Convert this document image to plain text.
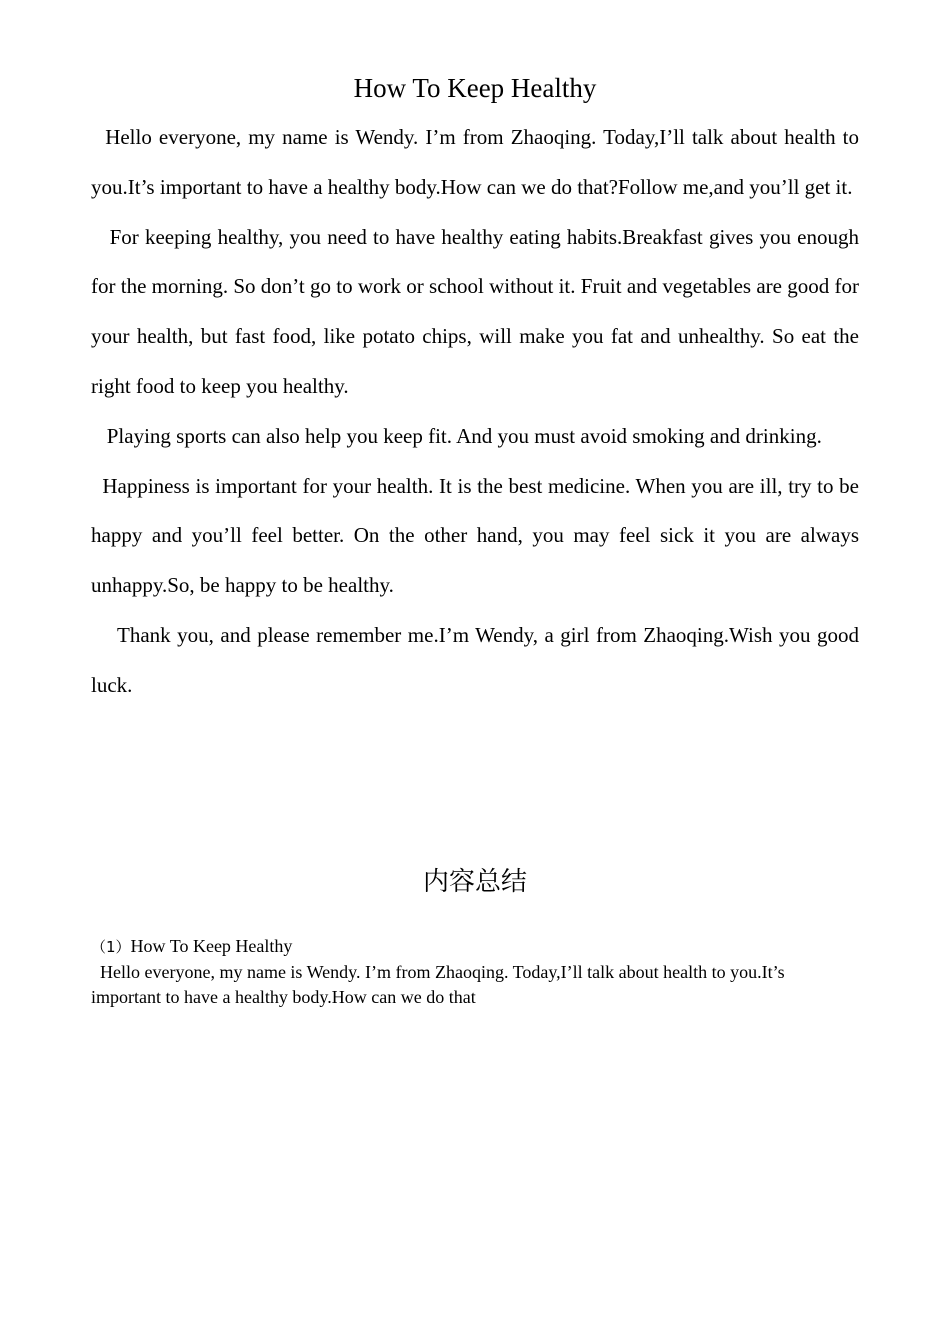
How To Keep Healthy

Hello everyone, my name is Wendy. I’m from Zhaoqing. Today,I’ll talk about health to you.It’s important to have a healthy body.How can we do that?Follow me,and you’ll get it.

For keeping healthy, you need to have healthy eating habits.Breakfast gives you enough for the morning. So don’t go to work or school without it. Fruit and vegetables are good for your health, but fast food, like potato chips, will make you fat and unhealthy. So eat the right food to keep you healthy.

Playing sports can also help you keep fit. And you must avoid smoking and drinking.

Happiness is important for your health. It is the best medicine. When you are ill, try to be happy and you’ll feel better. On the other hand, you may feel sick it you are always unhappy.So, be happy to be healthy.

Thank you, and please remember me.I’m Wendy, a girl from Zhaoqing.Wish you good luck.

内容总结

（1）How To Keep Healthy

Hello everyone, my name is Wendy. I’m from Zhaoqing. Today,I’ll talk about health to you.It’s important to have a healthy body.How can we do that
